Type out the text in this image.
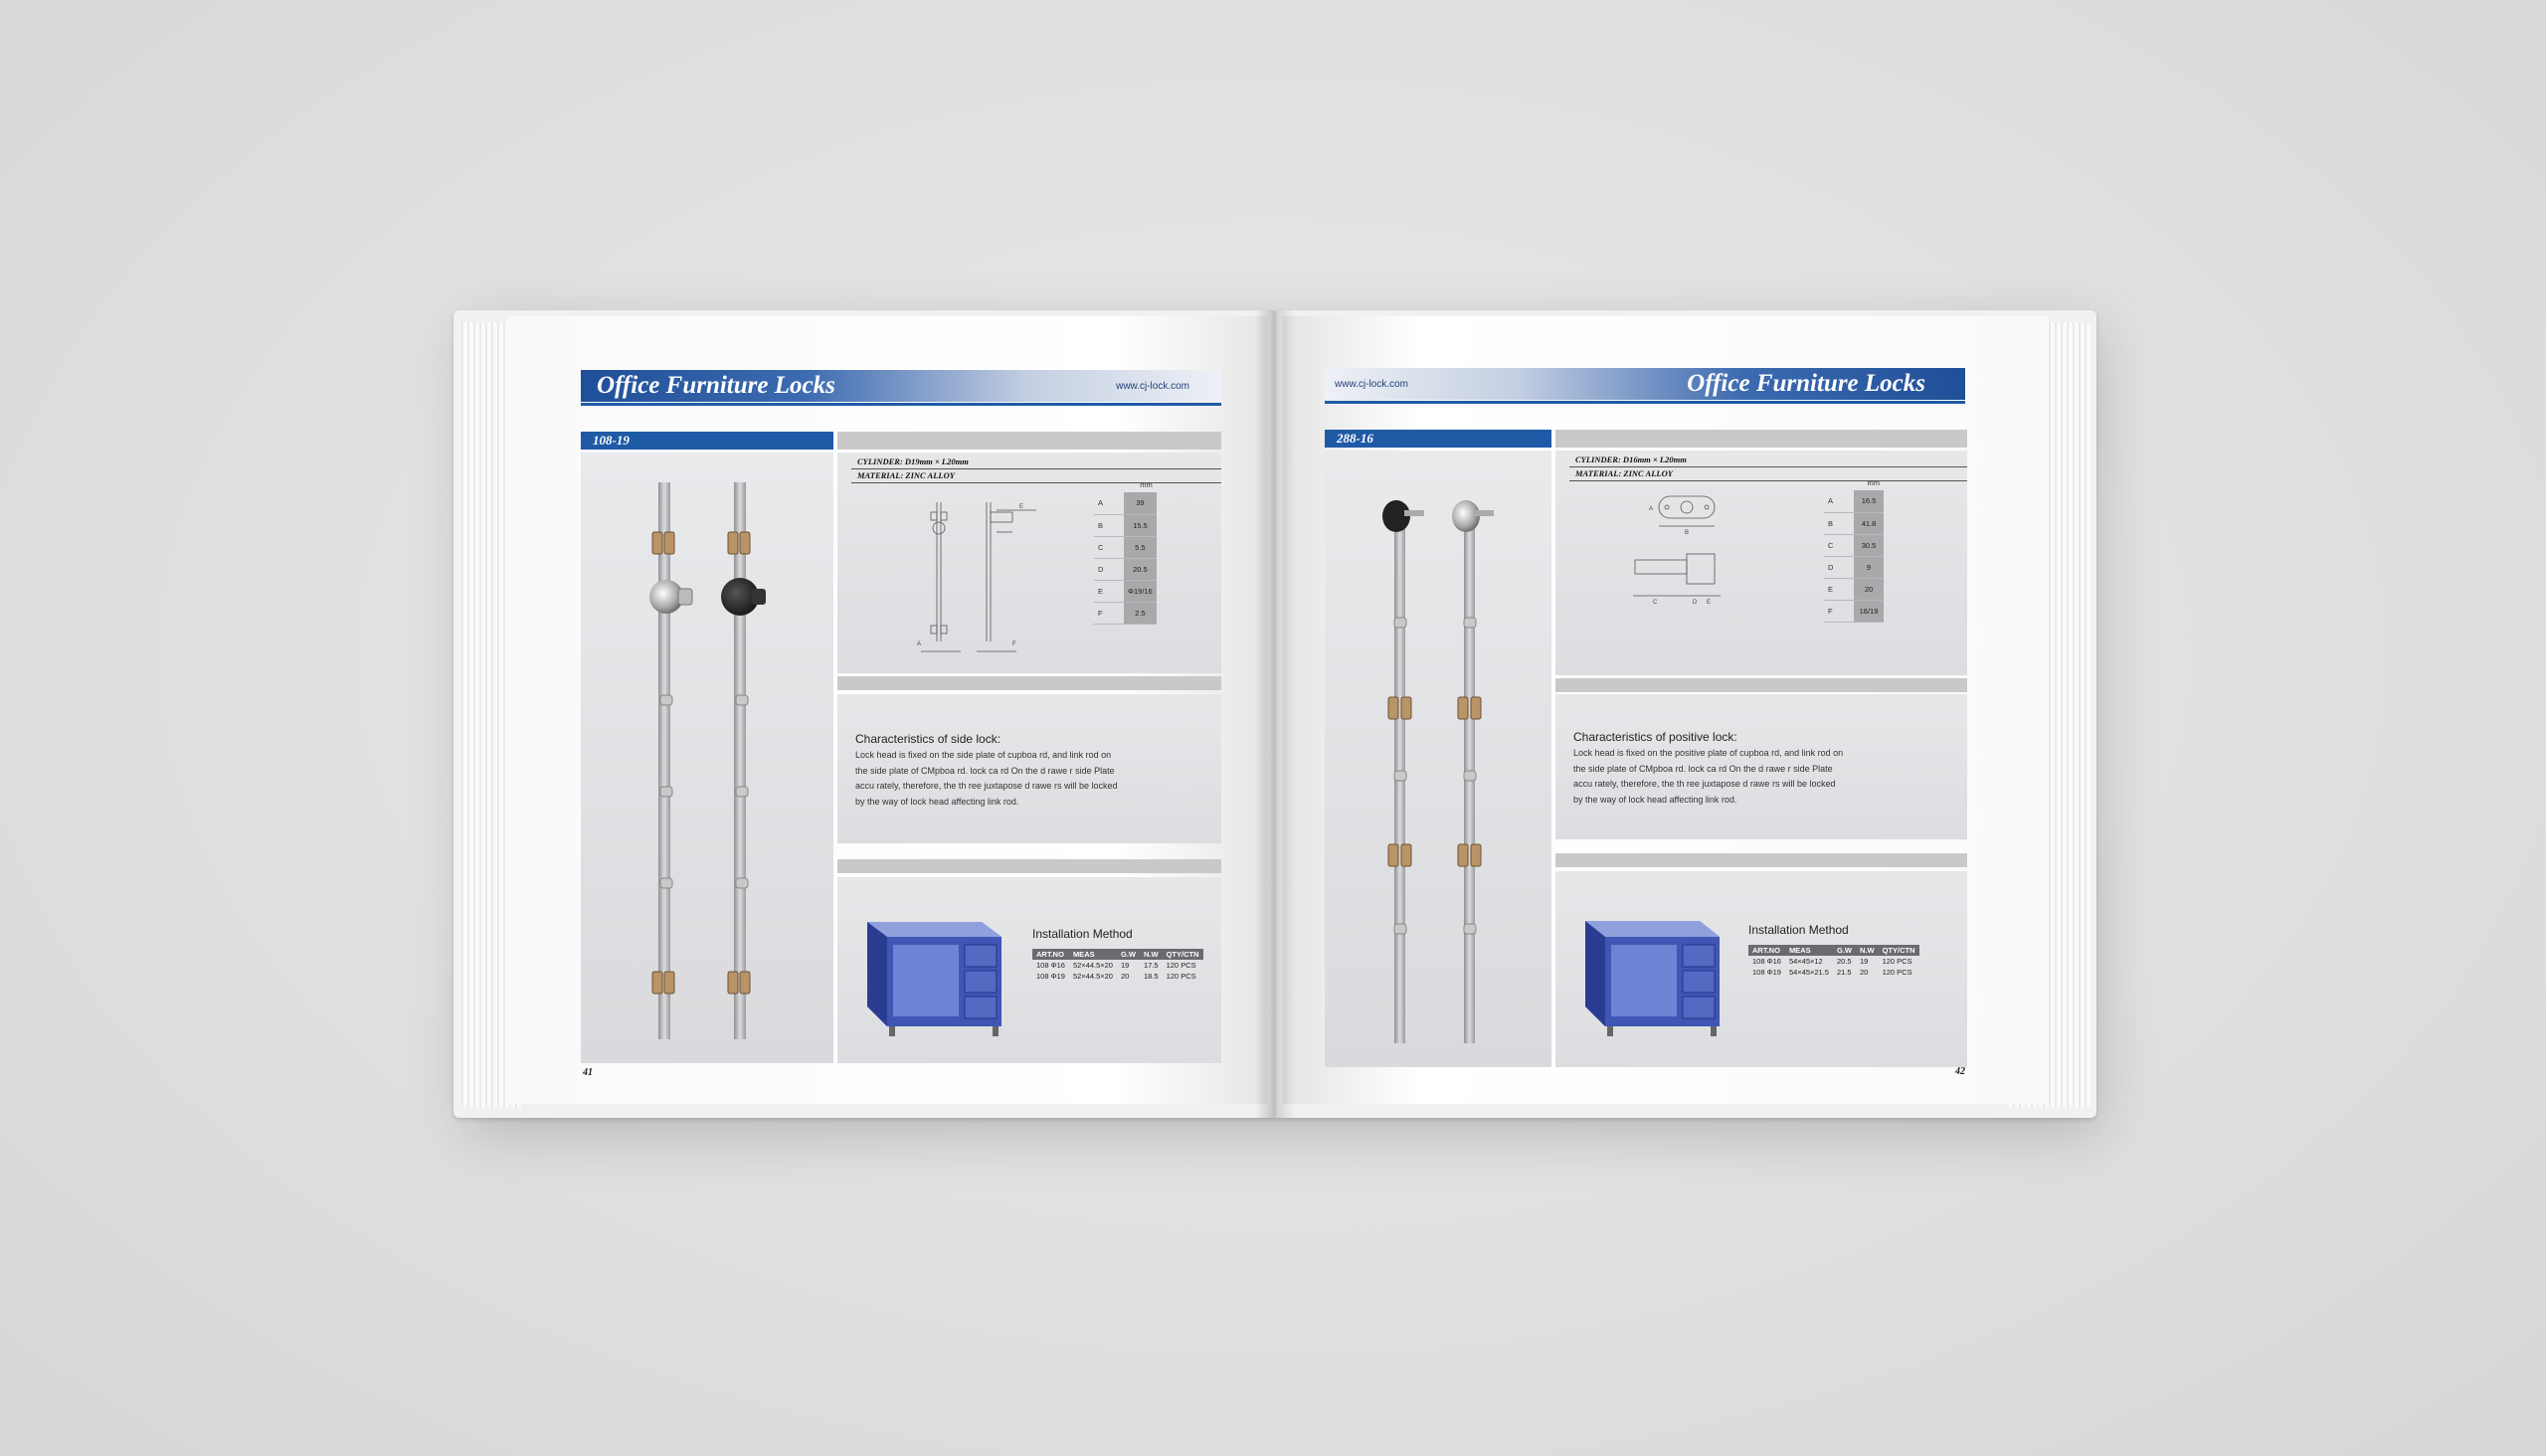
Office Furniture Locks	www.cj-lock.com
108-19
CYLINDER: D19mm × L20mm
MATERIAL: ZINC ALLOY
A	F
E
mm
A	39
B	15.5
C	5.5
D	20.5
E	Φ19/16
F	2.5
Characteristics of side lock:
Lock head is fixed on the side plate of cupboa rd, and link rod on
the side plate of CMpboa rd. lock ca rd On the d rawe r side Plate
accu rately, therefore, the th ree juxtapose d rawe rs will be locked
by the way of lock head affecting link rod.
Installation Method
ART.NO	MEAS	G.W	N.W	QTY/CTN
108 Φ16	52×44.5×20	19	17.5	120 PCS
108 Φ19	52×44.5×20	20	18.5	120 PCS
41
www.cj-lock.com	Office Furniture Locks
288-16
CYLINDER: D16mm × L20mm
MATERIAL: ZINC ALLOY
A
B
C	D E
mm
A	16.5
B	41.8
C	30.5
D	9
E	20
F	16/19
Characteristics of positive lock:
Lock head is fixed on the positive plate of cupboa rd, and link rod on
the side plate of CMpboa rd. lock ca rd On the d rawe r side Plate
accu rately, therefore, the th ree juxtapose d rawe rs will be locked
by the way of lock head affecting link rod.
Installation Method
ART.NO	MEAS	G.W	N.W	QTY/CTN
108 Φ16	54×45×12	20.5	19	120 PCS
108 Φ19	54×45×21.5	21.5	20	120 PCS
42
